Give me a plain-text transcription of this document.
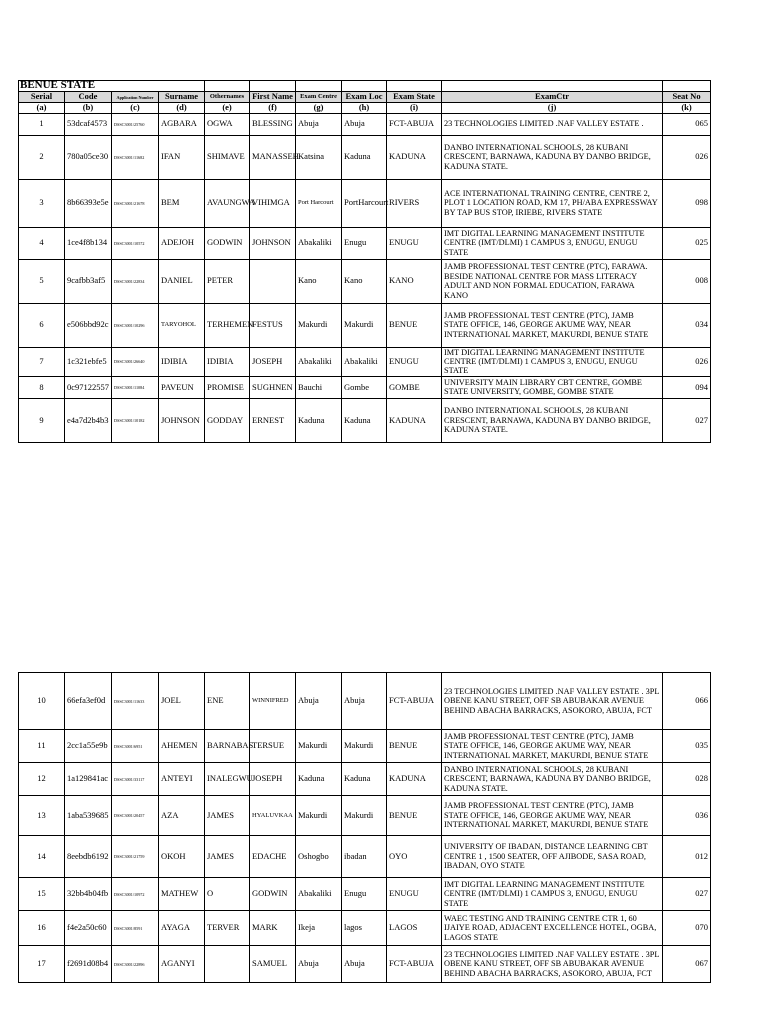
BENUE STATE										
Serial	Code	Application Number	Surname	Othernames	First Name	Exam Centre	Exam Loc	Exam State	ExamCtr	Seat No
(a)	(b)	(c)	(d)	(e)	(f)	(g)	(h)	(i)	(j)	(k)
1	53dcaf4573	DSSC3001/25760	AGBARA	OGWA	BLESSING	Abuja	Abuja	FCT-ABUJA	23 TECHNOLOGIES LIMITED .NAF VALLEY ESTATE .	065
2	780a05ce30	DSSC3001/11682	IFAN	SHIMAVE	MANASSEH	Katsina	Kaduna	KADUNA	DANBO INTERNATIONAL SCHOOLS, 28 KUBANI CRESCENT, BARNAWA, KADUNA BY DANBO BRIDGE, KADUNA STATE.	026
3	8b66393e5e	DSSC3001/21678	BEM	AVAUNGWA	VIHIMGA	Port Harcourt	PortHarcourt	RIVERS	ACE INTERNATIONAL TRAINING CENTRE, CENTRE 2, PLOT 1 LOCATION ROAD, KM 17, PH/ABA EXPRESSWAY BY TAP BUS STOP, IRIEBE, RIVERS STATE	098
4	1ce4f8b134	DSSC3001/10572	ADEJOH	GODWIN	JOHNSON	Abakaliki	Enugu	ENUGU	IMT DIGITAL LEARNING MANAGEMENT INSTITUTE CENTRE (IMT/DLMI) 1 CAMPUS 3, ENUGU, ENUGU STATE	025
5	9cafbb3af5	DSSC3001/22834	DANIEL	PETER		Kano	Kano	KANO	JAMB PROFESSIONAL TEST CENTRE (PTC), FARAWA. BESIDE NATIONAL CENTRE FOR MASS LITERACY ADULT AND NON FORMAL EDUCATION, FARAWA KANO	008
6	e506bbd92c	DSSC3001/10296	TARYOHOL	TERHEMEN	FESTUS	Makurdi	Makurdi	BENUE	JAMB PROFESSIONAL TEST CENTRE (PTC), JAMB STATE OFFICE, 146, GEORGE AKUME WAY, NEAR INTERNATIONAL MARKET, MAKURDI, BENUE STATE	034
7	1c321ebfe5	DSSC3001/26640	IDIBIA	IDIBIA	JOSEPH	Abakaliki	Abakaliki	ENUGU	IMT DIGITAL LEARNING MANAGEMENT INSTITUTE CENTRE (IMT/DLMI) 1 CAMPUS 3, ENUGU, ENUGU STATE	026
8	0c97122557	DSSC3001/11084	PAVEUN	PROMISE	SUGHNEN	Bauchi	Gombe	GOMBE	UNIVERSITY MAIN LIBRARY CBT CENTRE, GOMBE STATE UNIVERSITY, GOMBE, GOMBE STATE	094
9	e4a7d2b4b3	DSSC3001/10182	JOHNSON	GODDAY	ERNEST	Kaduna	Kaduna	KADUNA	DANBO INTERNATIONAL SCHOOLS, 28 KUBANI CRESCENT, BARNAWA, KADUNA BY DANBO BRIDGE, KADUNA STATE.	027
10	66efa3ef0d	DSSC3001/11633	JOEL	ENE	WINNIFRED	Abuja	Abuja	FCT-ABUJA	23 TECHNOLOGIES LIMITED .NAF VALLEY ESTATE . 3PL OBENE KANU STREET, OFF SB ABUBAKAR AVENUE BEHIND ABACHA BARRACKS, ASOKORO, ABUJA, FCT	066
11	2cc1a55e9b	DSSC3001/6951	AHEMEN	BARNABAS	TERSUE	Makurdi	Makurdi	BENUE	JAMB PROFESSIONAL TEST CENTRE (PTC), JAMB STATE OFFICE, 146, GEORGE AKUME WAY, NEAR INTERNATIONAL MARKET, MAKURDI, BENUE STATE	035
12	1a129841ac	DSSC3001/33117	ANTEYI	INALEGWU	JOSEPH	Kaduna	Kaduna	KADUNA	DANBO INTERNATIONAL SCHOOLS, 28 KUBANI CRESCENT, BARNAWA, KADUNA BY DANBO BRIDGE, KADUNA STATE.	028
13	1aba539685	DSSC3001/20457	AZA	JAMES	HYALUVKAA	Makurdi	Makurdi	BENUE	JAMB PROFESSIONAL TEST CENTRE (PTC), JAMB STATE OFFICE, 146, GEORGE AKUME WAY, NEAR INTERNATIONAL MARKET, MAKURDI, BENUE STATE	036
14	8eebdb6192	DSSC3001/21759	OKOH	JAMES	EDACHE	Oshogbo	ibadan	OYO	UNIVERSITY OF IBADAN, DISTANCE LEARNING CBT CENTRE 1 , 1500 SEATER, OFF AJIBODE, SASA ROAD, IBADAN, OYO STATE	012
15	32bb4b04fb	DSSC3001/10972	MATHEW	O	GODWIN	Abakaliki	Enugu	ENUGU	IMT DIGITAL LEARNING MANAGEMENT INSTITUTE CENTRE (IMT/DLMI) 1 CAMPUS 3, ENUGU, ENUGU STATE	027
16	f4e2a50c60	DSSC3001/8591	AYAGA	TERVER	MARK	Ikeja	lagos	LAGOS	WAEC TESTING AND TRAINING CENTRE CTR 1, 60 IJAIYE ROAD, ADJACENT EXCELLENCE HOTEL, OGBA, LAGOS STATE	070
17	f2691d08b4	DSSC3001/22896	AGANYI		SAMUEL	Abuja	Abuja	FCT-ABUJA	23 TECHNOLOGIES LIMITED .NAF VALLEY ESTATE . 3PL OBENE KANU STREET, OFF SB ABUBAKAR AVENUE BEHIND ABACHA BARRACKS, ASOKORO, ABUJA, FCT	067
